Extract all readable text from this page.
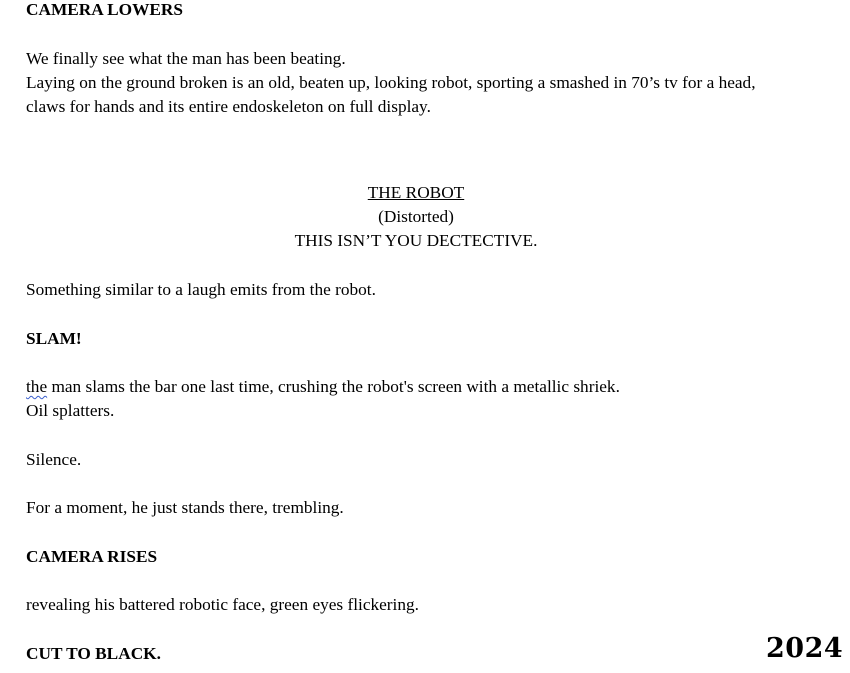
CAMERA LOWERS
We finally see what the man has been beating.
Laying on the ground broken is an old, beaten up, looking robot, sporting a smashed in 70’s tv for a head,
claws for hands and its entire endoskeleton on full display.
THE ROBOT
(Distorted)
THIS ISN’T YOU DECTECTIVE.
Something similar to a laugh emits from the robot.
SLAM!
the man slams the bar one last time, crushing the robot's screen with a metallic shriek.
Oil splatters.
Silence.
For a moment, he just stands there, trembling.
CAMERA RISES
revealing his battered robotic face, green eyes flickering.
CUT TO BLACK.	2024
